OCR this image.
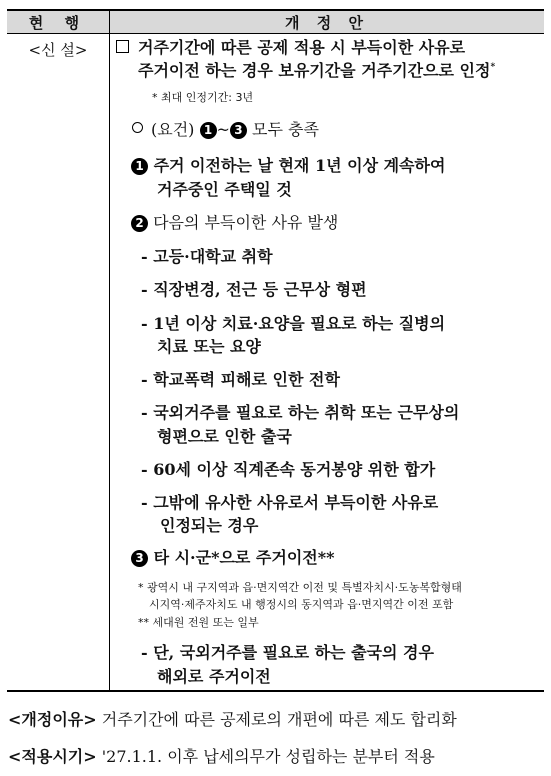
현 행	개 정 안
<신 설>	거주기간에 따른 공제 적용 시 부득이한 사유로
주거이전 하는 경우 보유기간을 거주기간으로 인정*
* 최대 인정기간: 3년
(요건) 1 ~ 3 모두 충족
1 주거 이전하는 날 현재 1년 이상 계속하여
거주중인 주택일 것
2 다음의 부득이한 사유 발생
- 고등·대학교 취학
- 직장변경, 전근 등 근무상 형편
- 1년 이상 치료·요양을 필요로 하는 질병의
치료 또는 요양
- 학교폭력 피해로 인한 전학
- 국외거주를 필요로 하는 취학 또는 근무상의
형편으로 인한 출국
- 60세 이상 직계존속 동거봉양 위한 합가
- 그밖에 유사한 사유로서 부득이한 사유로
인정되는 경우
3 타 시·군*으로 주거이전**
* 광역시 내 구지역과 읍·면지역간 이전 및 특별자치시·도농복합형태
시지역·제주자치도 내 행정시의 동지역과 읍·면지역간 이전 포함
** 세대원 전원 또는 일부
- 단, 국외거주를 필요로 하는 출국의 경우
해외로 주거이전
<개정이유> 거주기간에 따른 공제로의 개편에 따른 제도 합리화
<적용시기> '27.1.1. 이후 납세의무가 성립하는 분부터 적용
